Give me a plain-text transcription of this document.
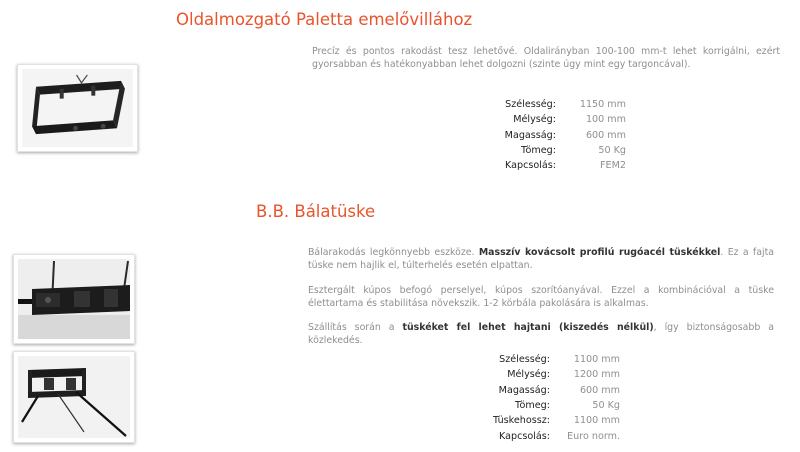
Oldalmozgató Paletta emelővillához
Precíz és pontos rakodást tesz lehetővé. Oldalirányban 100-100 mm-t lehet korrigálni, ezért gyorsabban és hatékonyabban lehet dolgozni (szinte úgy mint egy targoncával).
Szélesség:	1150 mm
Mélység:	100 mm
Magasság:	600 mm
Tömeg:	50 Kg
Kapcsolás:	FEM2
B.B. Bálatüske

Bálarakodás legkönnyebb eszköze. Masszív kovácsolt profilú rugóacél tüskékkel. Ez a fajta tüske nem hajlik el, túlterhelés esetén elpattan.

Esztergált kúpos befogó perselyel, kúpos szorítóanyával. Ezzel a kombinációval a tüske élettartama és stabilitása növekszik. 1-2 körbála pakolására is alkalmas.

Szállítás során a tüskéket fel lehet hajtani (kiszedés nélkül), így biztonságosabb a közlekedés.

Szélesség:	1100 mm
Mélység:	1200 mm
Magasság:	600 mm
Tömeg:	50 Kg
Tüskehossz:	1100 mm
Kapcsolás:	Euro norm.
